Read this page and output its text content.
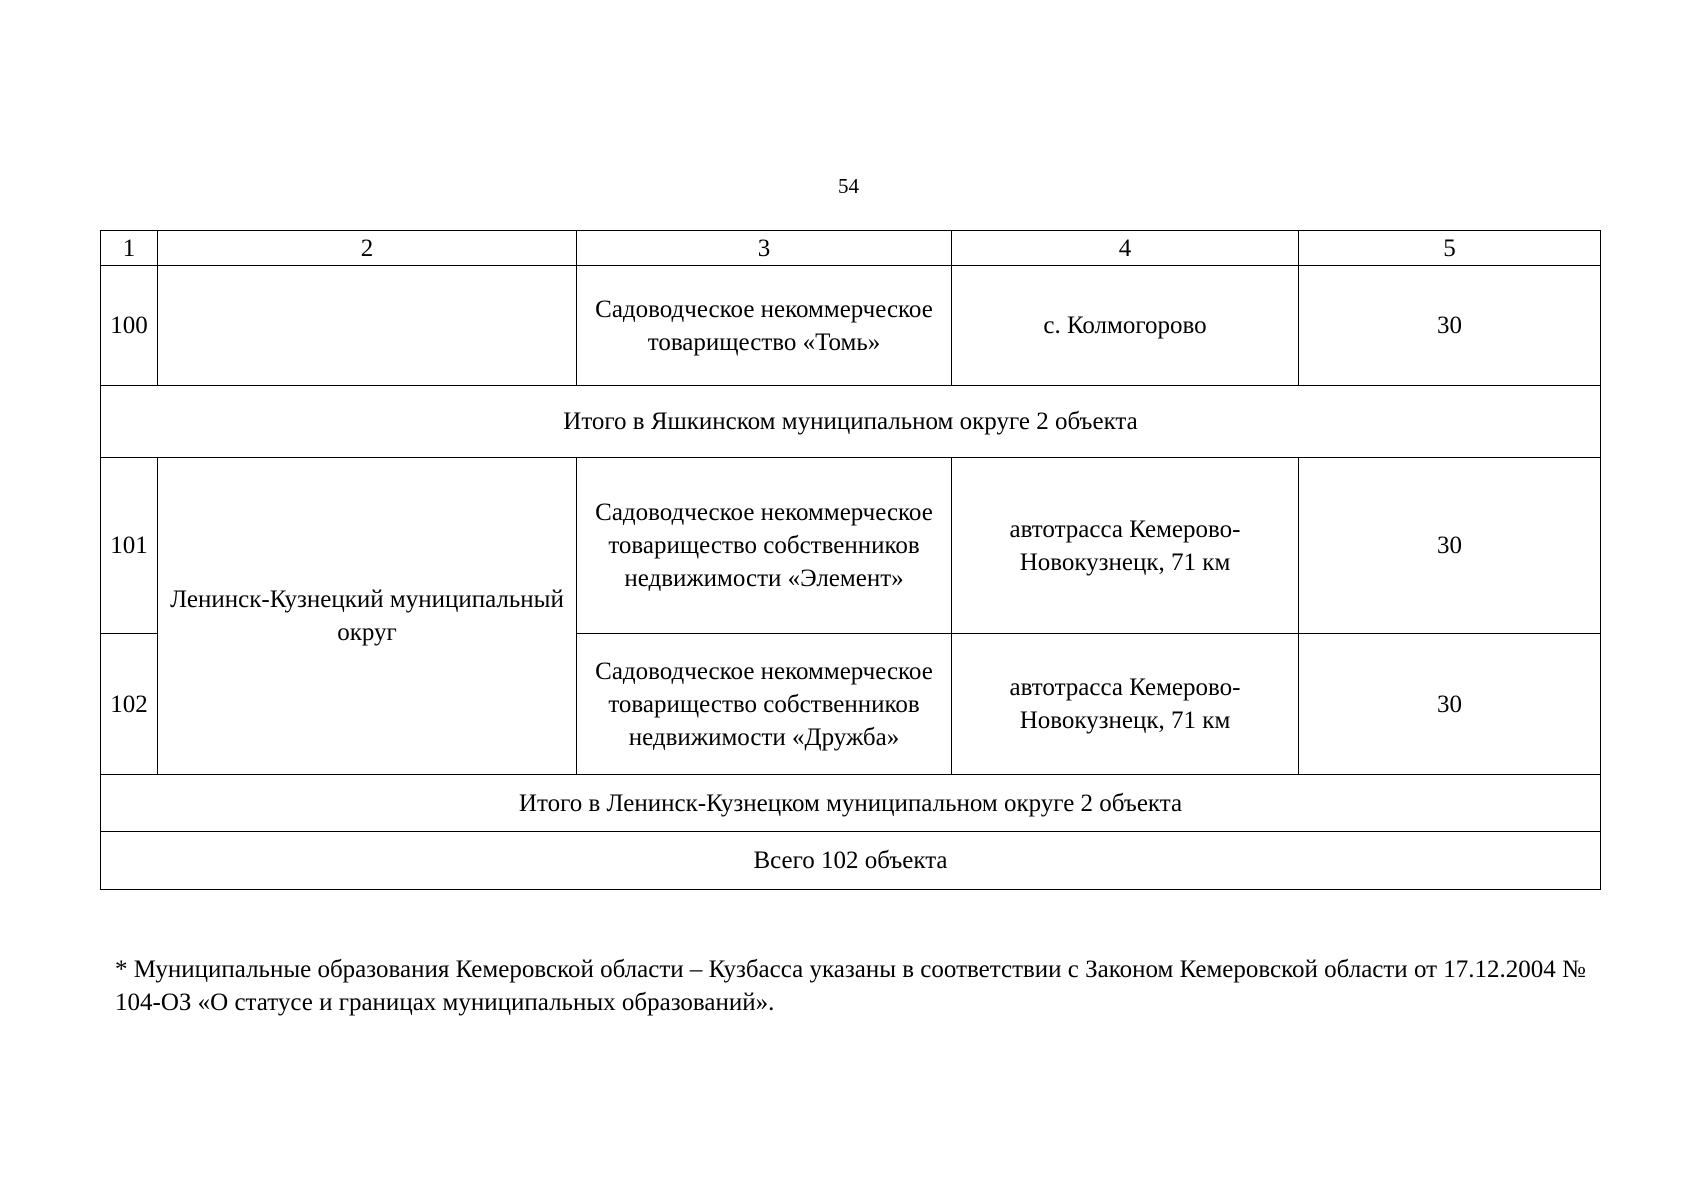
54
1	2	3	4	5
100		Садоводческое некоммерческое товарищество «Томь»	с. Колмогорово	30
Итого в Яшкинском муниципальном округе 2 объекта				
101	Ленинск-Кузнецкий муниципальный округ	Садоводческое некоммерческое товарищество собственников недвижимости «Элемент»	автотрасса Кемерово-Новокузнецк, 71 км	30
102		Садоводческое некоммерческое товарищество собственников недвижимости «Дружба»	автотрасса Кемерово-Новокузнецк, 71 км	30
Итого в Ленинск-Кузнецком муниципальном округе 2 объекта				
Всего 102 объекта				
* Муниципальные образования Кемеровской области – Кузбасса указаны в соответствии с Законом Кемеровской области от 17.12.2004 № 104-ОЗ «О статусе и границах муниципальных образований».
